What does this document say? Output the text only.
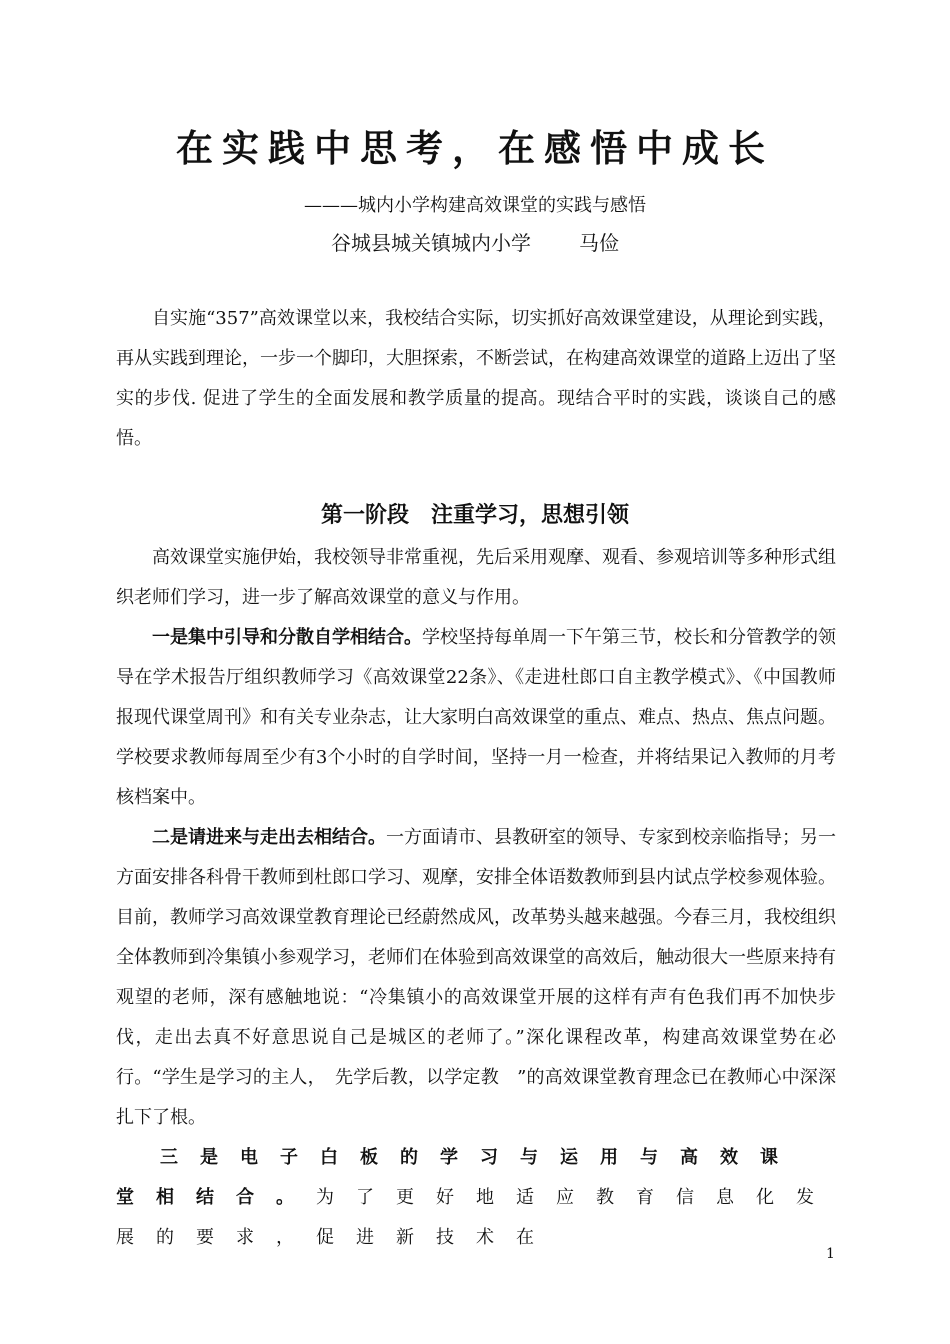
在实践中思考，在感悟中成长
———城内小学构建高效课堂的实践与感悟
谷城县城关镇城内小学 马俭

自实施“357”高效课堂以来，我校结合实际，切实抓好高效课堂建设，从理论到实践，再从实践到理论，一步一个脚印，大胆探索，不断尝试，在构建高效课堂的道路上迈出了坚实的步伐. 促进了学生的全面发展和教学质量的提高。现结合平时的实践，谈谈自己的感悟。

第一阶段　注重学习，思想引领

高效课堂实施伊始，我校领导非常重视，先后采用观摩、观看、参观培训等多种形式组织老师们学习，进一步了解高效课堂的意义与作用。

一是集中引导和分散自学相结合。学校坚持每单周一下午第三节，校长和分管教学的领导在学术报告厅组织教师学习《高效课堂22条》、《走进杜郎口自主教学模式》、《中国教师报现代课堂周刊》和有关专业杂志，让大家明白高效课堂的重点、难点、热点、焦点问题。学校要求教师每周至少有3个小时的自学时间，坚持一月一检查，并将结果记入教师的月考核档案中。

二是请进来与走出去相结合。一方面请市、县教研室的领导、专家到校亲临指导；另一方面安排各科骨干教师到杜郎口学习、观摩，安排全体语数教师到县内试点学校参观体验。目前，教师学习高效课堂教育理论已经蔚然成风，改革势头越来越强。今春三月，我校组织全体教师到冷集镇小参观学习，老师们在体验到高效课堂的高效后，触动很大一些原来持有观望的老师，深有感触地说：“冷集镇小的高效课堂开展的这样有声有色我们再不加快步伐，走出去真不好意思说自己是城区的老师了。”深化课程改革，构建高效课堂势在必行。“学生是学习的主人，　先学后教，以学定教　”的高效课堂教育理念已在教师心中深深扎下了根。

三是电子白板的学习与运用与高效课堂相结合。为了更好地适应教育信息化发展的要求，促进新技术在

1
